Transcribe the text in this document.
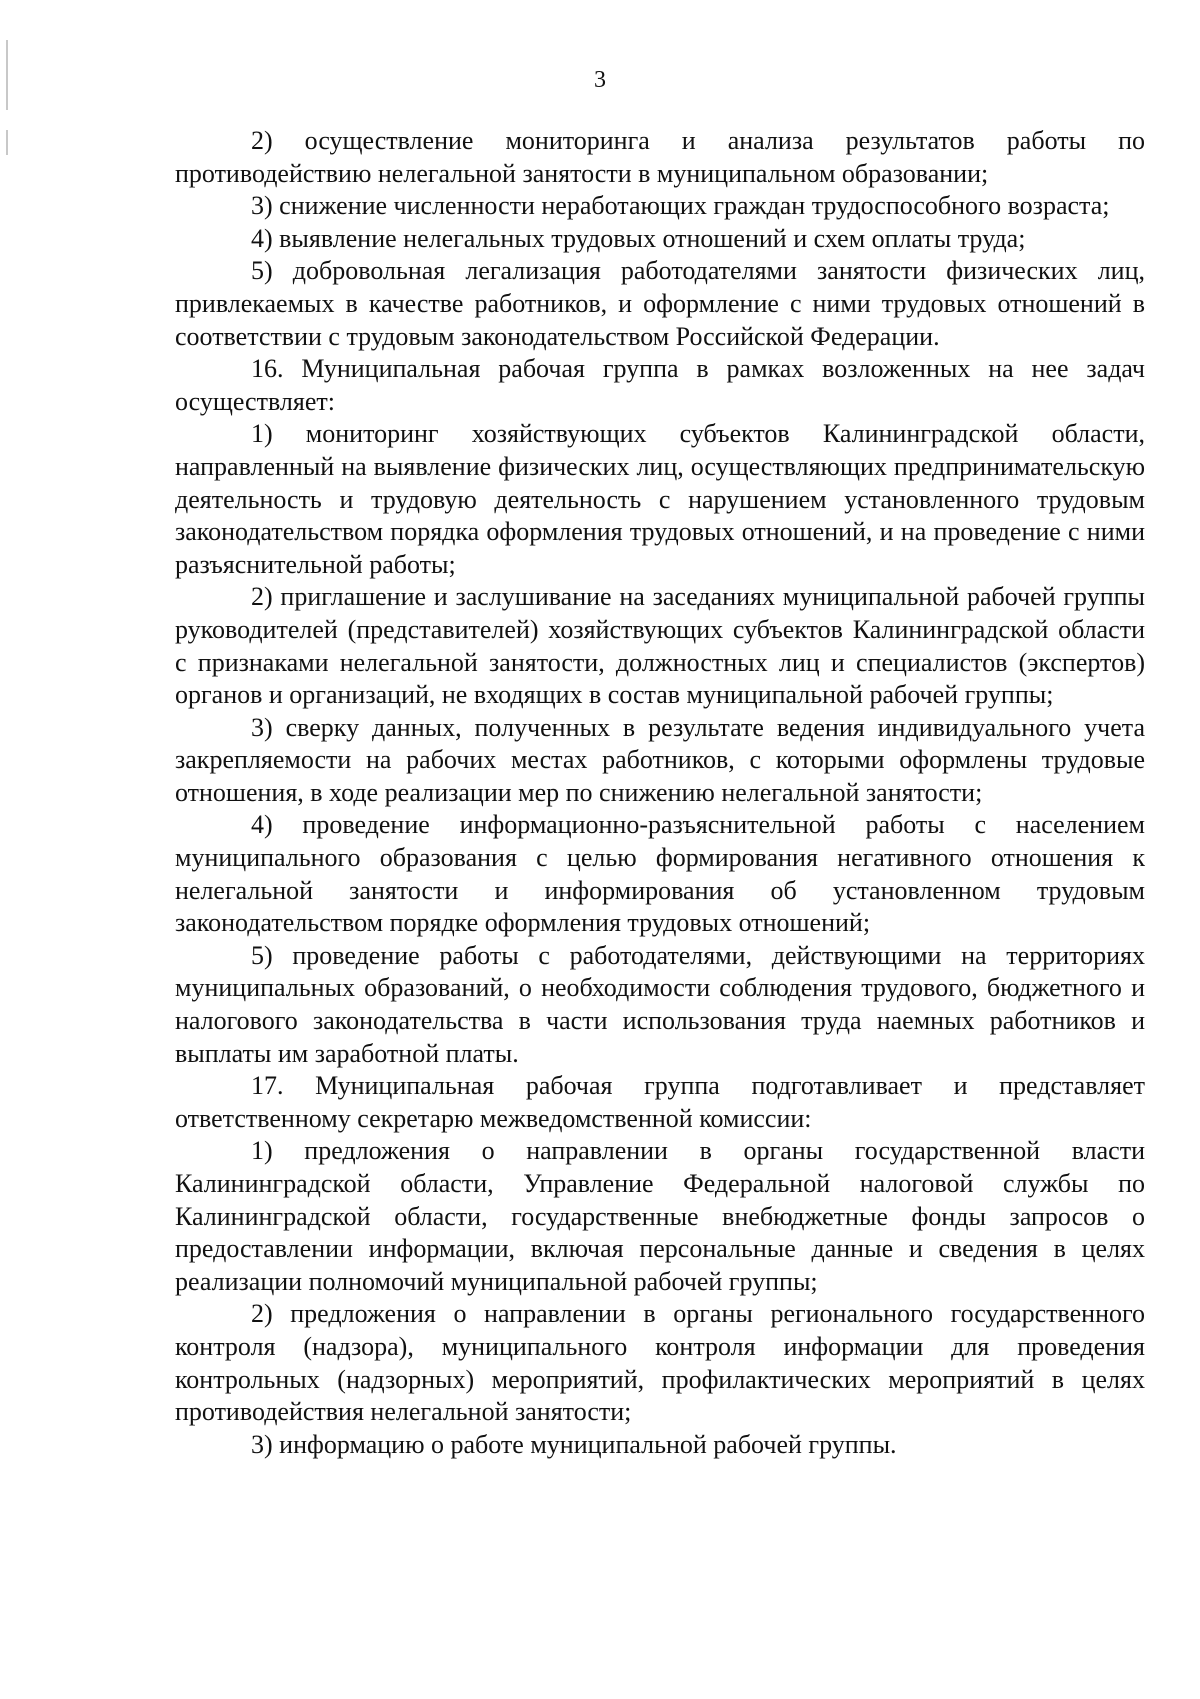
3

2) осуществление мониторинга и анализа результатов работы по противодействию нелегальной занятости в муниципальном образовании;

3) снижение численности неработающих граждан трудоспособного возраста;

4) выявление нелегальных трудовых отношений и схем оплаты труда;

5) добровольная легализация работодателями занятости физических лиц, привлекаемых в качестве работников, и оформление с ними трудовых отношений в соответствии с трудовым законодательством Российской Федерации.

16. Муниципальная рабочая группа в рамках возложенных на нее задач осуществляет:

1) мониторинг хозяйствующих субъектов Калининградской области, направленный на выявление физических лиц, осуществляющих предпринимательскую деятельность и трудовую деятельность с нарушением установленного трудовым законодательством порядка оформления трудовых отношений, и на проведение с ними разъяснительной работы;

2) приглашение и заслушивание на заседаниях муниципальной рабочей группы руководителей (представителей) хозяйствующих субъектов Калининградской области с признаками нелегальной занятости, должностных лиц и специалистов (экспертов) органов и организаций, не входящих в состав муниципальной рабочей группы;

3) сверку данных, полученных в результате ведения индивидуального учета закрепляемости на рабочих местах работников, с которыми оформлены трудовые отношения, в ходе реализации мер по снижению нелегальной занятости;

4) проведение информационно-разъяснительной работы с населением муниципального образования с целью формирования негативного отношения к нелегальной занятости и информирования об установленном трудовым законодательством порядке оформления трудовых отношений;

5) проведение работы с работодателями, действующими на территориях муниципальных образований, о необходимости соблюдения трудового, бюджетного и налогового законодательства в части использования труда наемных работников и выплаты им заработной платы.

17. Муниципальная рабочая группа подготавливает и представляет ответственному секретарю межведомственной комиссии:

1) предложения о направлении в органы государственной власти Калининградской области, Управление Федеральной налоговой службы по Калининградской области, государственные внебюджетные фонды запросов о предоставлении информации, включая персональные данные и сведения в целях реализации полномочий муниципальной рабочей группы;

2) предложения о направлении в органы регионального государственного контроля (надзора), муниципального контроля информации для проведения контрольных (надзорных) мероприятий, профилактических мероприятий в целях противодействия нелегальной занятости;

3) информацию о работе муниципальной рабочей группы.
